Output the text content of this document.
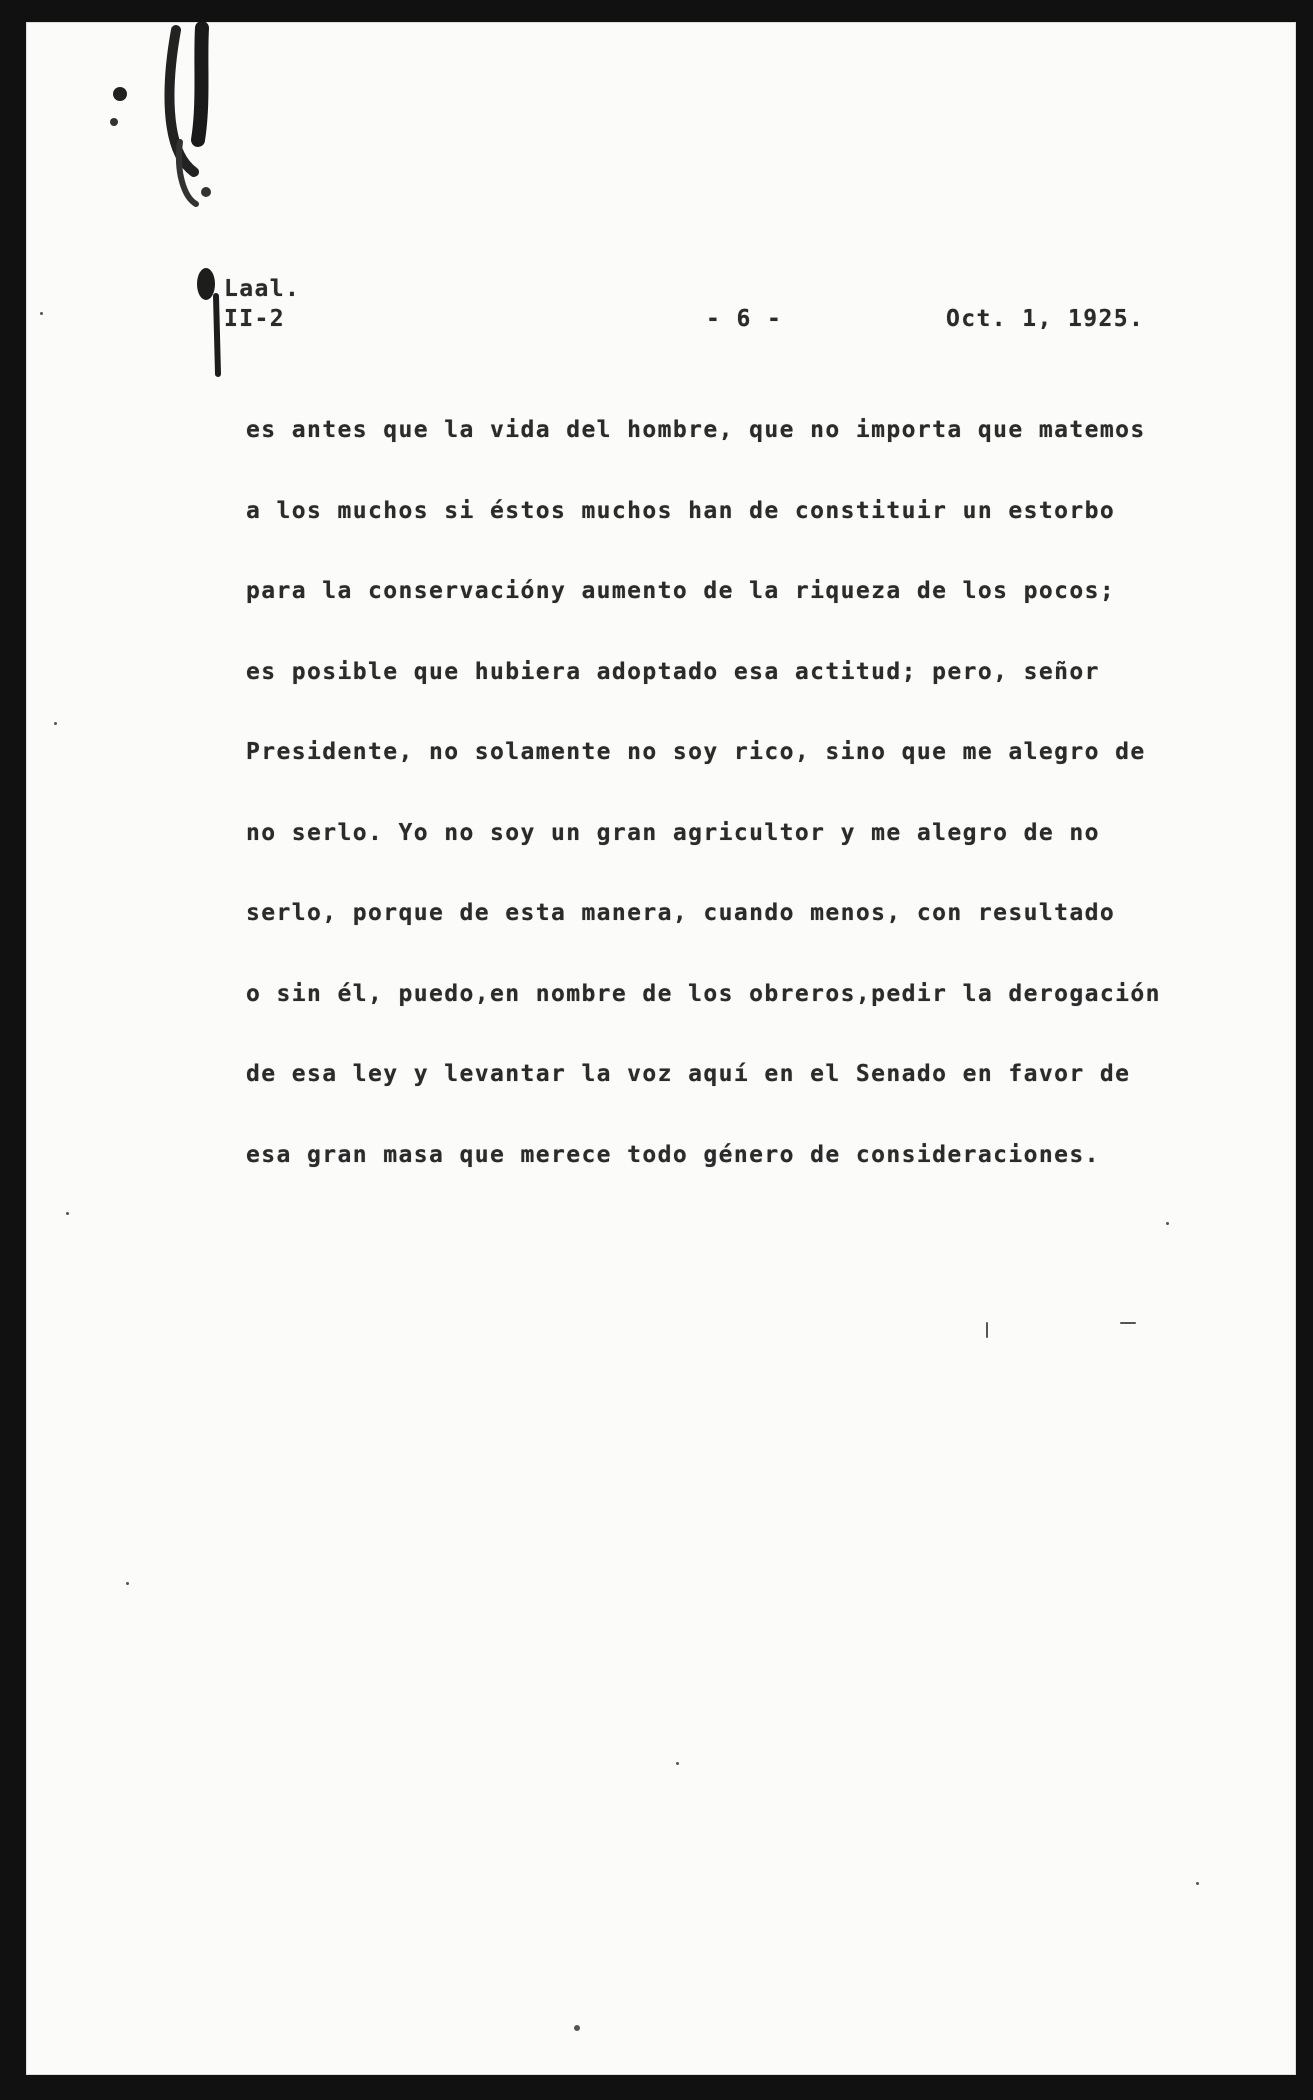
Laal.
II-2	- 6 -	Oct. 1, 1925.
es antes que la vida del hombre, que no importa que matemos
a los muchos si éstos muchos han de constituir un estorbo
para la conservacióny aumento de la riqueza de los pocos;
es posible que hubiera adoptado esa actitud; pero, señor
Presidente, no solamente no soy rico, sino que me alegro de
no serlo. Yo no soy un gran agricultor y me alegro de no
serlo, porque de esta manera, cuando menos, con resultado
o sin él, puedo,en nombre de los obreros,pedir la derogación
de esa ley y levantar la voz aquí en el Senado en favor de
esa gran masa que merece todo género de consideraciones.
